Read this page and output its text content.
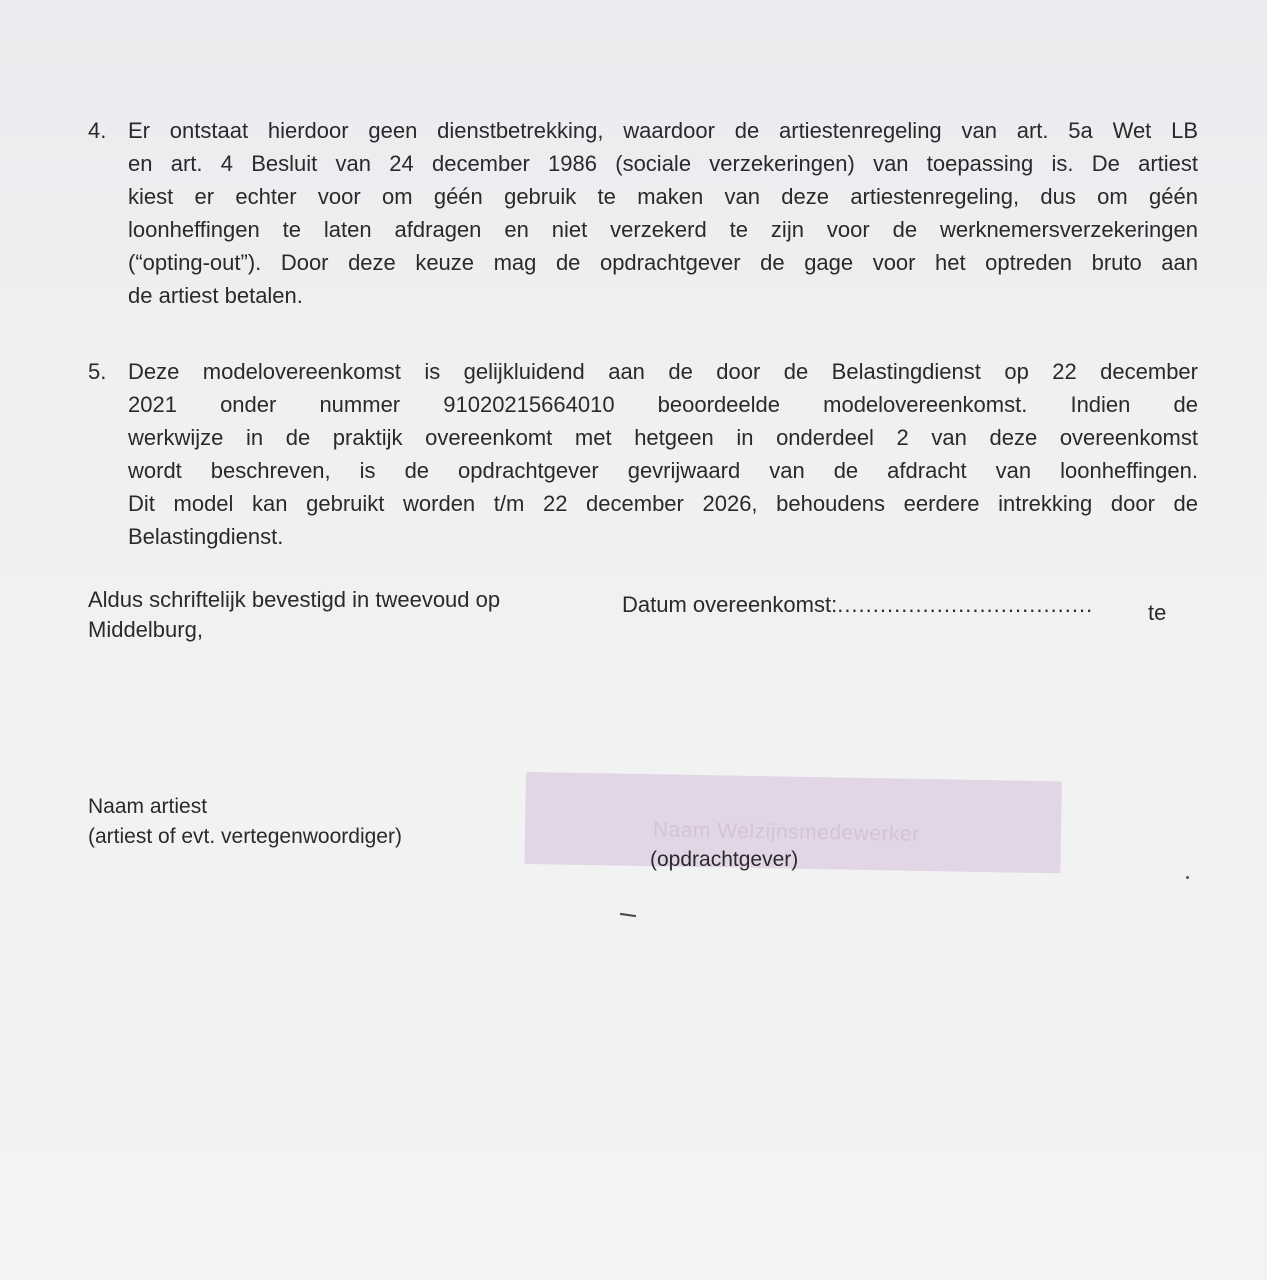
4. Er ontstaat hierdoor geen dienstbetrekking, waardoor de artiestenregeling van art. 5a Wet LB
en art. 4 Besluit van 24 december 1986 (sociale verzekeringen) van toepassing is. De artiest
kiest er echter voor om géén gebruik te maken van deze artiestenregeling, dus om géén
loonheffingen te laten afdragen en niet verzekerd te zijn voor de werknemersverzekeringen
(“opting-out”). Door deze keuze mag de opdrachtgever de gage voor het optreden bruto aan
de artiest betalen.
5. Deze modelovereenkomst is gelijkluidend aan de door de Belastingdienst op 22 december
2021 onder nummer 91020215664010 beoordeelde modelovereenkomst. Indien de
werkwijze in de praktijk overeenkomt met hetgeen in onderdeel 2 van deze overeenkomst
wordt beschreven, is de opdrachtgever gevrijwaard van de afdracht van loonheffingen.
Dit model kan gebruikt worden t/m 22 december 2026, behoudens eerdere intrekking door de
Belastingdienst.
Aldus schriftelijk bevestigd in tweevoud op
Middelburg,
Datum overeenkomst:....................................	te
Naam artiest
(artiest of evt. vertegenwoordiger)	Naam Welzijnsmedewerker
(opdrachtgever)
